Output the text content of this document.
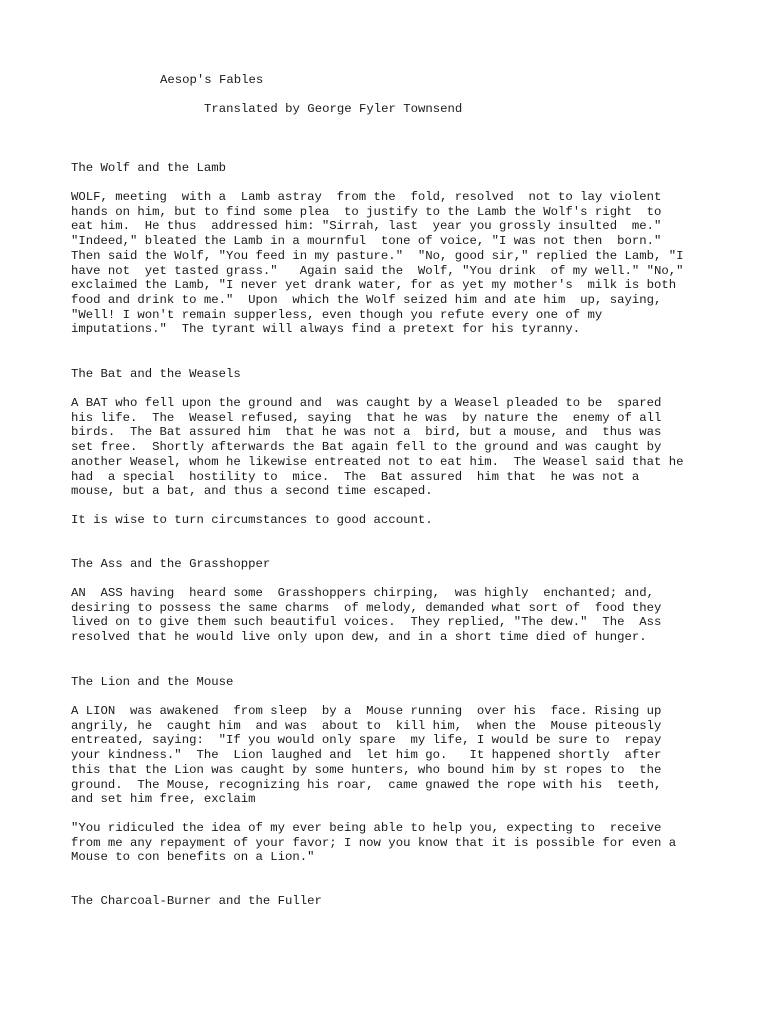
Aesop's Fables
Translated by George Fyler Townsend
The Wolf and the Lamb
WOLF, meeting  with a  Lamb astray  from the  fold, resolved  not to lay violent
hands on him, but to find some plea  to justify to the Lamb the Wolf's right  to
eat him.  He thus  addressed him: "Sirrah, last  year you grossly insulted  me."
"Indeed," bleated the Lamb in a mournful  tone of voice, "I was not then  born."
Then said the Wolf, "You feed in my pasture."  "No, good sir," replied the Lamb, "I
have not  yet tasted grass."   Again said the  Wolf, "You drink  of my well." "No,"
exclaimed the Lamb, "I never yet drank water, for as yet my mother's  milk is both
food and drink to me."  Upon  which the Wolf seized him and ate him  up, saying,
"Well! I won't remain supperless, even though you refute every one of my
imputations."  The tyrant will always find a pretext for his tyranny.
The Bat and the Weasels
A BAT who fell upon the ground and  was caught by a Weasel pleaded to be  spared
his life.  The  Weasel refused, saying  that he was  by nature the  enemy of all
birds.  The Bat assured him  that he was not a  bird, but a mouse, and  thus was
set free.  Shortly afterwards the Bat again fell to the ground and was caught by
another Weasel, whom he likewise entreated not to eat him.  The Weasel said that he
had  a special  hostility to  mice.  The  Bat assured  him that  he was not a
mouse, but a bat, and thus a second time escaped.
It is wise to turn circumstances to good account.
The Ass and the Grasshopper
AN  ASS having  heard some  Grasshoppers chirping,  was highly  enchanted; and,
desiring to possess the same charms  of melody, demanded what sort of  food they
lived on to give them such beautiful voices.  They replied, "The dew."  The  Ass
resolved that he would live only upon dew, and in a short time died of hunger.
The Lion and the Mouse
A LION  was awakened  from sleep  by a  Mouse running  over his  face. Rising up
angrily, he  caught him  and was  about to  kill him,  when the  Mouse piteously
entreated, saying:  "If you would only spare  my life, I would be sure to  repay
your kindness."  The  Lion laughed and  let him go.   It happened shortly  after
this that the Lion was caught by some hunters, who bound him by st ropes to  the
ground.  The Mouse, recognizing his roar,  came gnawed the rope with his  teeth,
and set him free, exclaim
"You ridiculed the idea of my ever being able to help you, expecting to  receive
from me any repayment of your favor; I now you know that it is possible for even a
Mouse to con benefits on a Lion."
The Charcoal-Burner and the Fuller
